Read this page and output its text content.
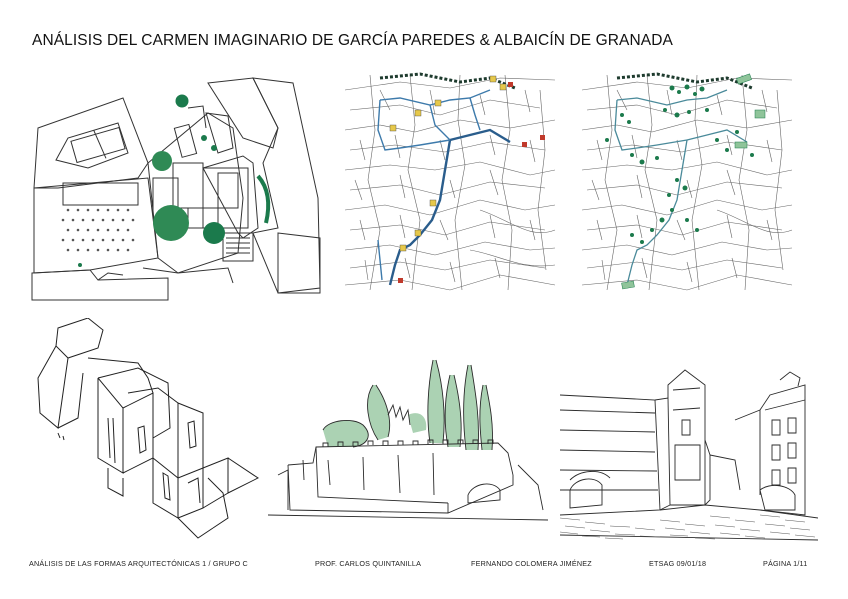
ANÁLISIS DEL CARMEN IMAGINARIO DE GARCÍA PAREDES & ALBAICÍN DE GRANADA
ANÁLISIS DE LAS FORMAS ARQUITECTÓNICAS 1 / GRUPO C	PROF. CARLOS QUINTANILLA	FERNANDO COLOMERA JIMÉNEZ	ETSAG 09/01/18	PÁGINA 1/11
